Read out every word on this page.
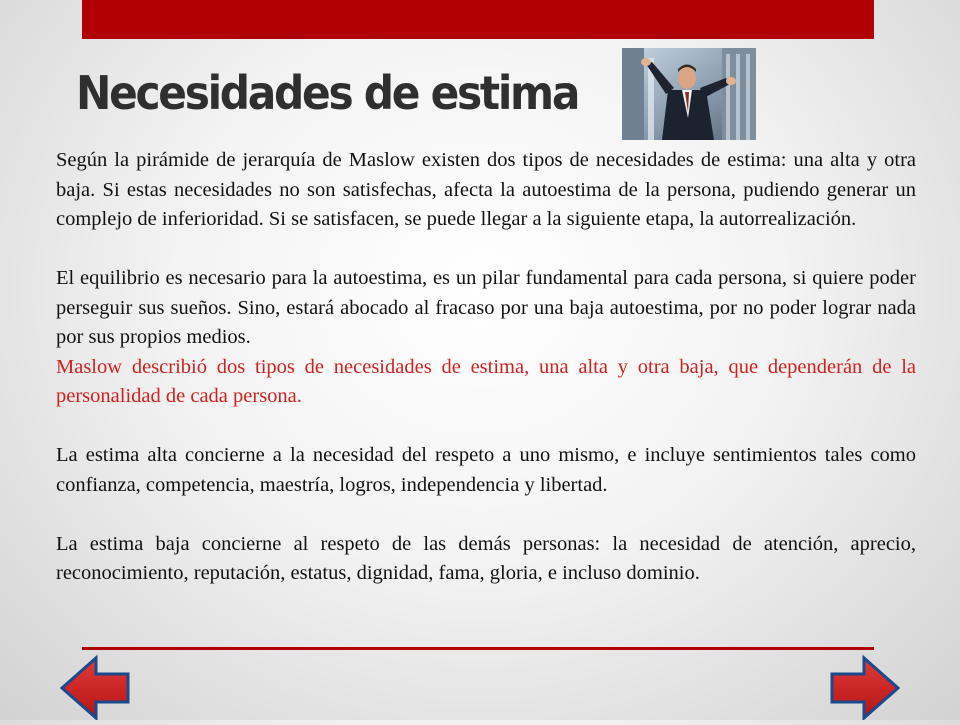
Necesidades de estima

Según la pirámide de jerarquía de Maslow existen dos tipos de necesidades de estima: una alta y otra baja. Si estas necesidades no son satisfechas, afecta la autoestima de la persona, pudiendo generar un complejo de inferioridad. Si se satisfacen, se puede llegar a la siguiente etapa, la autorrealización.

El equilibrio es necesario para la autoestima, es un pilar fundamental para cada persona, si quiere poder perseguir sus sueños. Sino, estará abocado al fracaso por una baja autoestima, por no poder lograr nada por sus propios medios.

Maslow describió dos tipos de necesidades de estima, una alta y otra baja, que dependerán de la personalidad de cada persona.

La estima alta concierne a la necesidad del respeto a uno mismo, e incluye sentimientos tales como confianza, competencia, maestría, logros, independencia y libertad.

La estima baja concierne al respeto de las demás personas: la necesidad de atención, aprecio, reconocimiento, reputación, estatus, dignidad, fama, gloria, e incluso dominio.
